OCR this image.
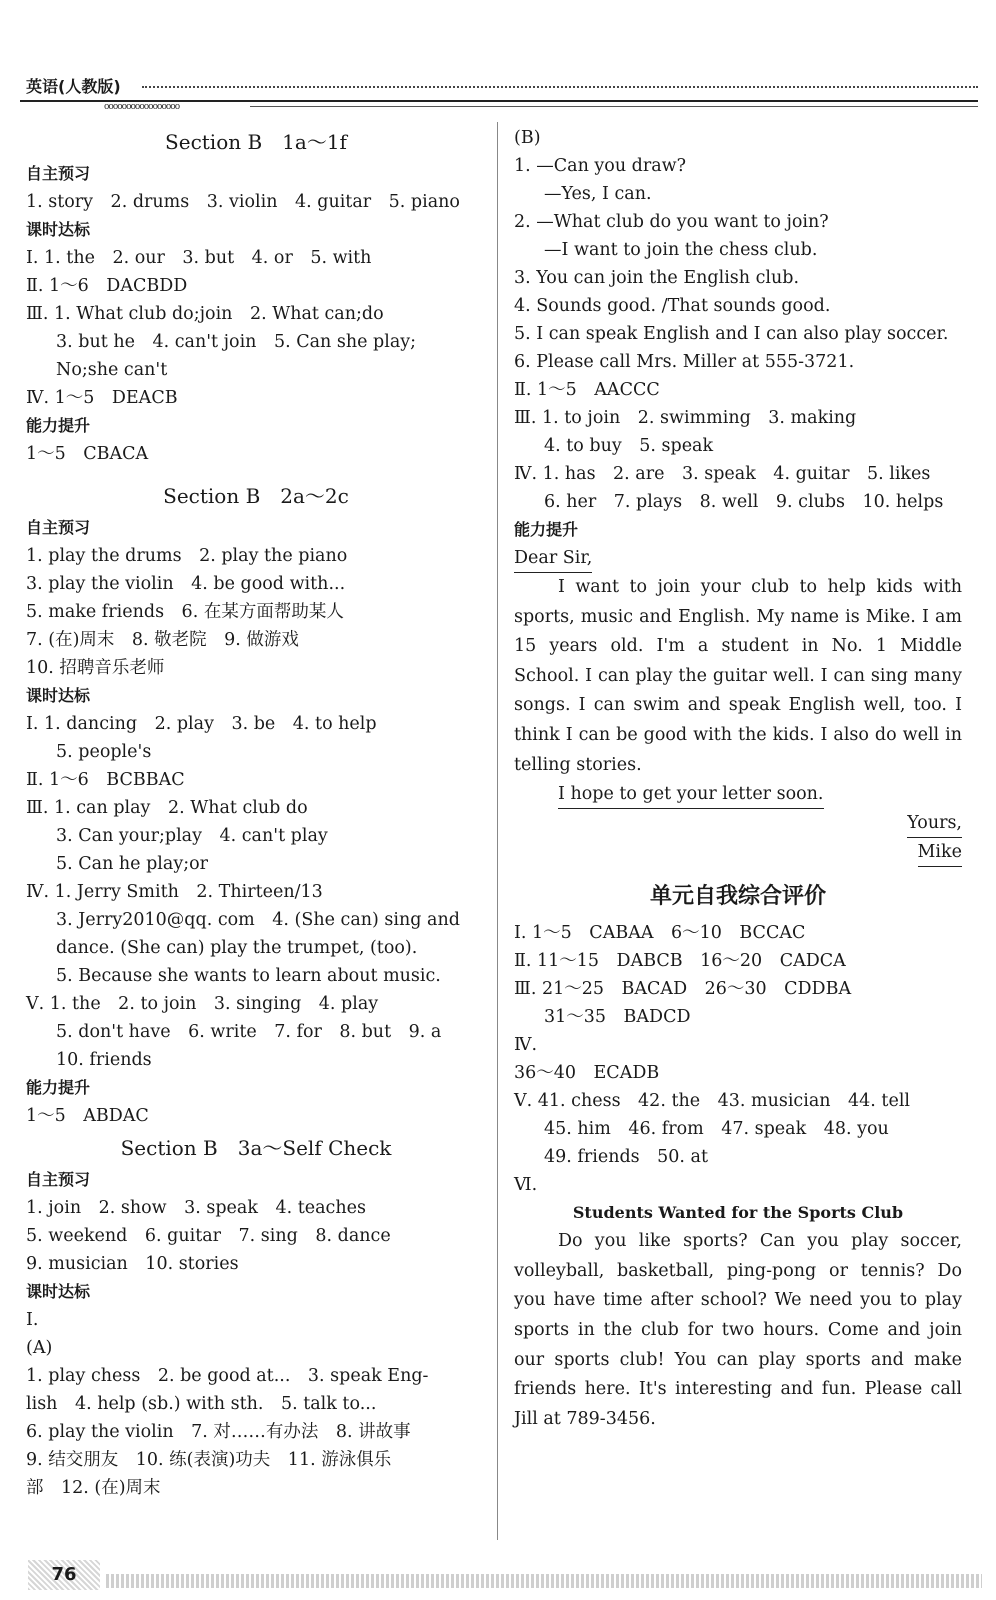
英语(人教版)
ooooooooooooooooo
Section B　1a～1f
自主预习
1. story　2. drums　3. violin　4. guitar　5. piano
课时达标
Ⅰ. 1. the　2. our　3. but　4. or　5. with
Ⅱ. 1～6　DACBDD
Ⅲ. 1. What club do;join　2. What can;do
3. but he　4. can't join　5. Can she play;
No;she can't
Ⅳ. 1～5　DEACB
能力提升
1～5　CBACA
Section B　2a～2c
自主预习
1. play the drums　2. play the piano
3. play the violin　4. be good with...
5. make friends　6. 在某方面帮助某人
7. (在)周末　8. 敬老院　9. 做游戏
10. 招聘音乐老师
课时达标
Ⅰ. 1. dancing　2. play　3. be　4. to help
5. people's
Ⅱ. 1～6　BCBBAC
Ⅲ. 1. can play　2. What club do
3. Can your;play　4. can't play
5. Can he play;or
Ⅳ. 1. Jerry Smith　2. Thirteen/13
3. Jerry2010@qq. com　4. (She can) sing and
dance. (She can) play the trumpet, (too).
5. Because she wants to learn about music.
Ⅴ. 1. the　2. to join　3. singing　4. play
5. don't have　6. write　7. for　8. but　9. a
10. friends
能力提升
1～5　ABDAC
Section B　3a～Self Check
自主预习
1. join　2. show　3. speak　4. teaches
5. weekend　6. guitar　7. sing　8. dance
9. musician　10. stories
课时达标
Ⅰ.
(A)
1. play chess　2. be good at...　3. speak Eng-
lish　4. help (sb.) with sth.　5. talk to...
6. play the violin　7. 对……有办法　8. 讲故事
9. 结交朋友　10. 练(表演)功夫　11. 游泳俱乐
部　12. (在)周末
(B)
1. —Can you draw?
—Yes, I can.
2. —What club do you want to join?
—I want to join the chess club.
3. You can join the English club.
4. Sounds good. /That sounds good.
5. I can speak English and I can also play soccer.
6. Please call Mrs. Miller at 555-3721.
Ⅱ. 1～5　AACCC
Ⅲ. 1. to join　2. swimming　3. making
4. to buy　5. speak
Ⅳ. 1. has　2. are　3. speak　4. guitar　5. likes
6. her　7. plays　8. well　9. clubs　10. helps
能力提升
Dear Sir,
I want to join your club to help kids with sports, music and English. My name is Mike. I am 15 years old. I'm a student in No. 1 Middle School. I can play the guitar well. I can sing many songs. I can swim and speak English well, too. I think I can be good with the kids. I also do well in telling stories.
I hope to get your letter soon.
Yours,
Mike
单元自我综合评价
Ⅰ. 1～5　CABAA　6～10　BCCAC
Ⅱ. 11～15　DABCB　16～20　CADCA
Ⅲ. 21～25　BACAD　26～30　CDDBA
31～35　BADCD
Ⅳ.
36～40　ECADB
Ⅴ. 41. chess　42. the　43. musician　44. tell
45. him　46. from　47. speak　48. you
49. friends　50. at
Ⅵ.
Students Wanted for the Sports Club
Do you like sports? Can you play soccer, volleyball, basketball, ping-pong or tennis? Do you have time after school? We need you to play sports in the club for two hours. Come and join our sports club! You can play sports and make friends here. It's interesting and fun. Please call Jill at 789-3456.
76
